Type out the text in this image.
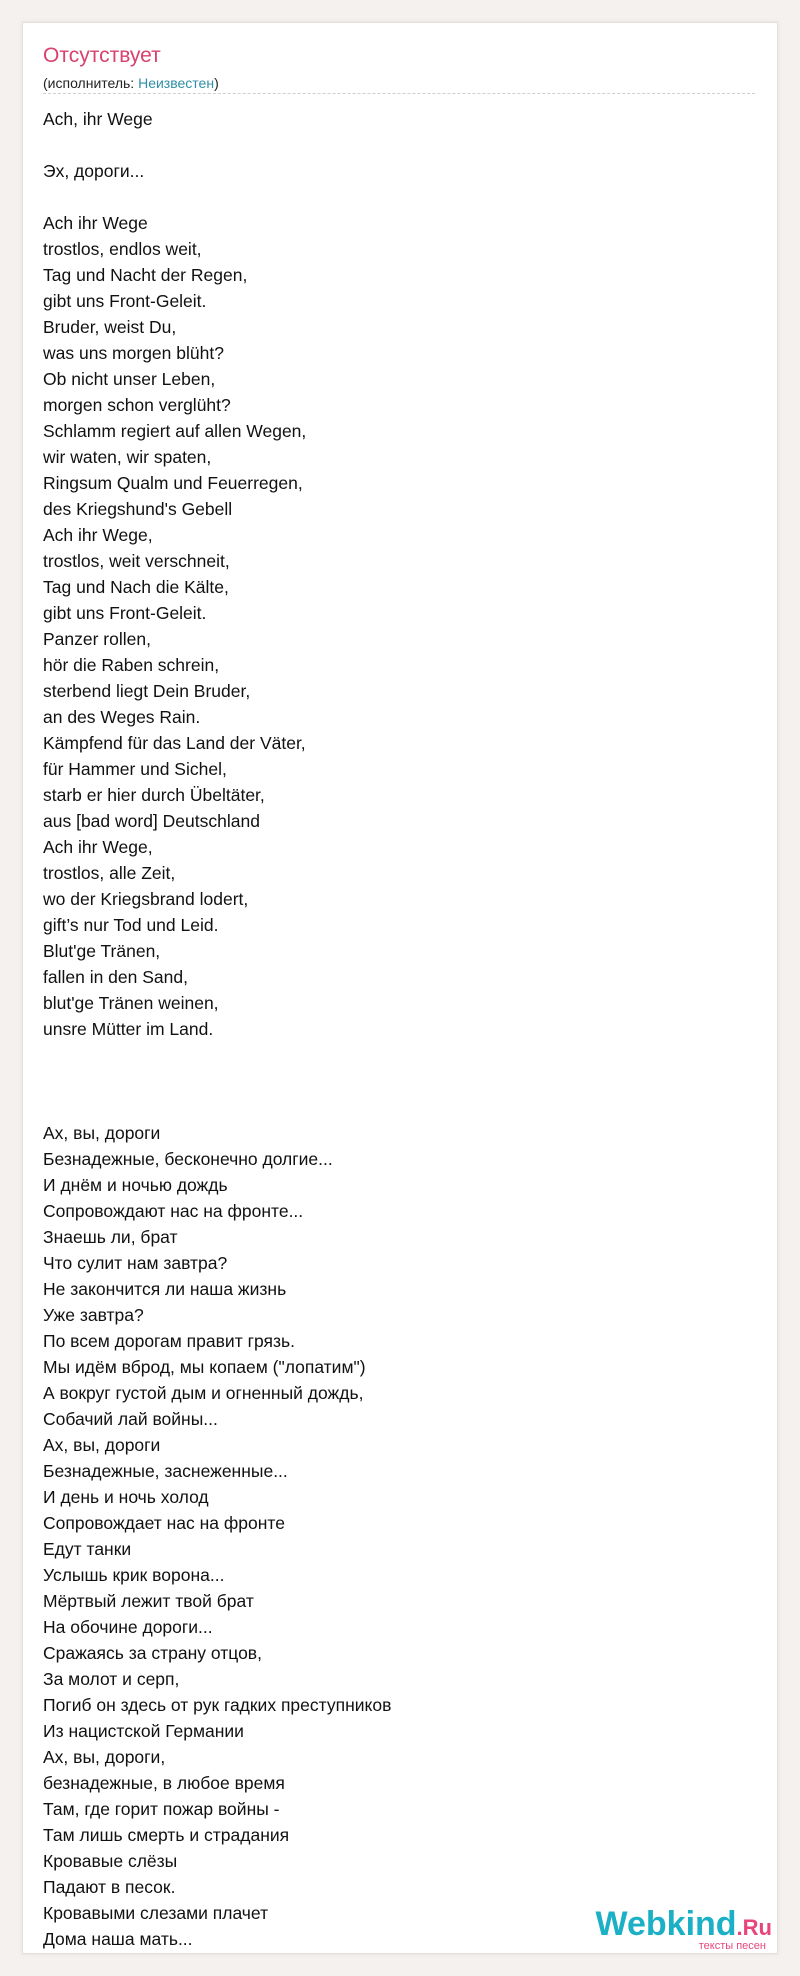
Отсутствует
(исполнитель: Неизвестен)
Ach, ihr Wege

Эх, дороги...

Ach ihr Wege
trostlos, endlos weit,
Tag und Nacht der Regen,
gibt uns Front-Geleit.
Bruder, weist Du,
was uns morgen blüht?
Ob nicht unser Leben,
morgen schon verglüht?
Schlamm regiert auf allen Wegen,
wir waten, wir spaten,
Ringsum Qualm und Feuerregen,
des Kriegshund's Gebell
Ach ihr Wege,
trostlos, weit verschneit,
Tag und Nach die Kälte,
gibt uns Front-Geleit.
Panzer rollen,
hör die Raben schrein,
sterbend liegt Dein Bruder,
an des Weges Rain.
Kämpfend für das Land der Väter,
für Hammer und Sichel,
starb er hier durch Übeltäter,
aus [bad word] Deutschland
Ach ihr Wege,
trostlos, alle Zeit,
wo der Kriegsbrand lodert,
gift’s nur Tod und Leid.
Blut'ge Tränen,
fallen in den Sand,
blut'ge Tränen weinen,
unsre Mütter im Land.

Ах, вы, дороги
Безнадежные, бесконечно долгие...
И днём и ночью дождь
Сопровождают нас на фронте...
Знаешь ли, брат
Что сулит нам завтра?
Не закончится ли наша жизнь
Уже завтра?
По всем дорогам правит грязь.
Мы идём вброд, мы копаем ("лопатим")
А вокруг густой дым и огненный дождь,
Собачий лай войны...
Ах, вы, дороги
Безнадежные, заснеженные...
И день и ночь холод
Сопровождает нас на фронте
Едут танки
Услышь крик ворона...
Мёртвый лежит твой брат
На обочине дороги...
Сражаясь за страну отцов,
За молот и серп,
Погиб он здесь от рук гадких преступников
Из нацистской Германии
Ах, вы, дороги,
безнадежные, в любое время
Там, где горит пожар войны -
Там лишь смерть и страдания
Кровавые слёзы
Падают в песок.
Кровавыми слезами плачет
Дома наша мать...	Webkind.Ru
тексты песен
